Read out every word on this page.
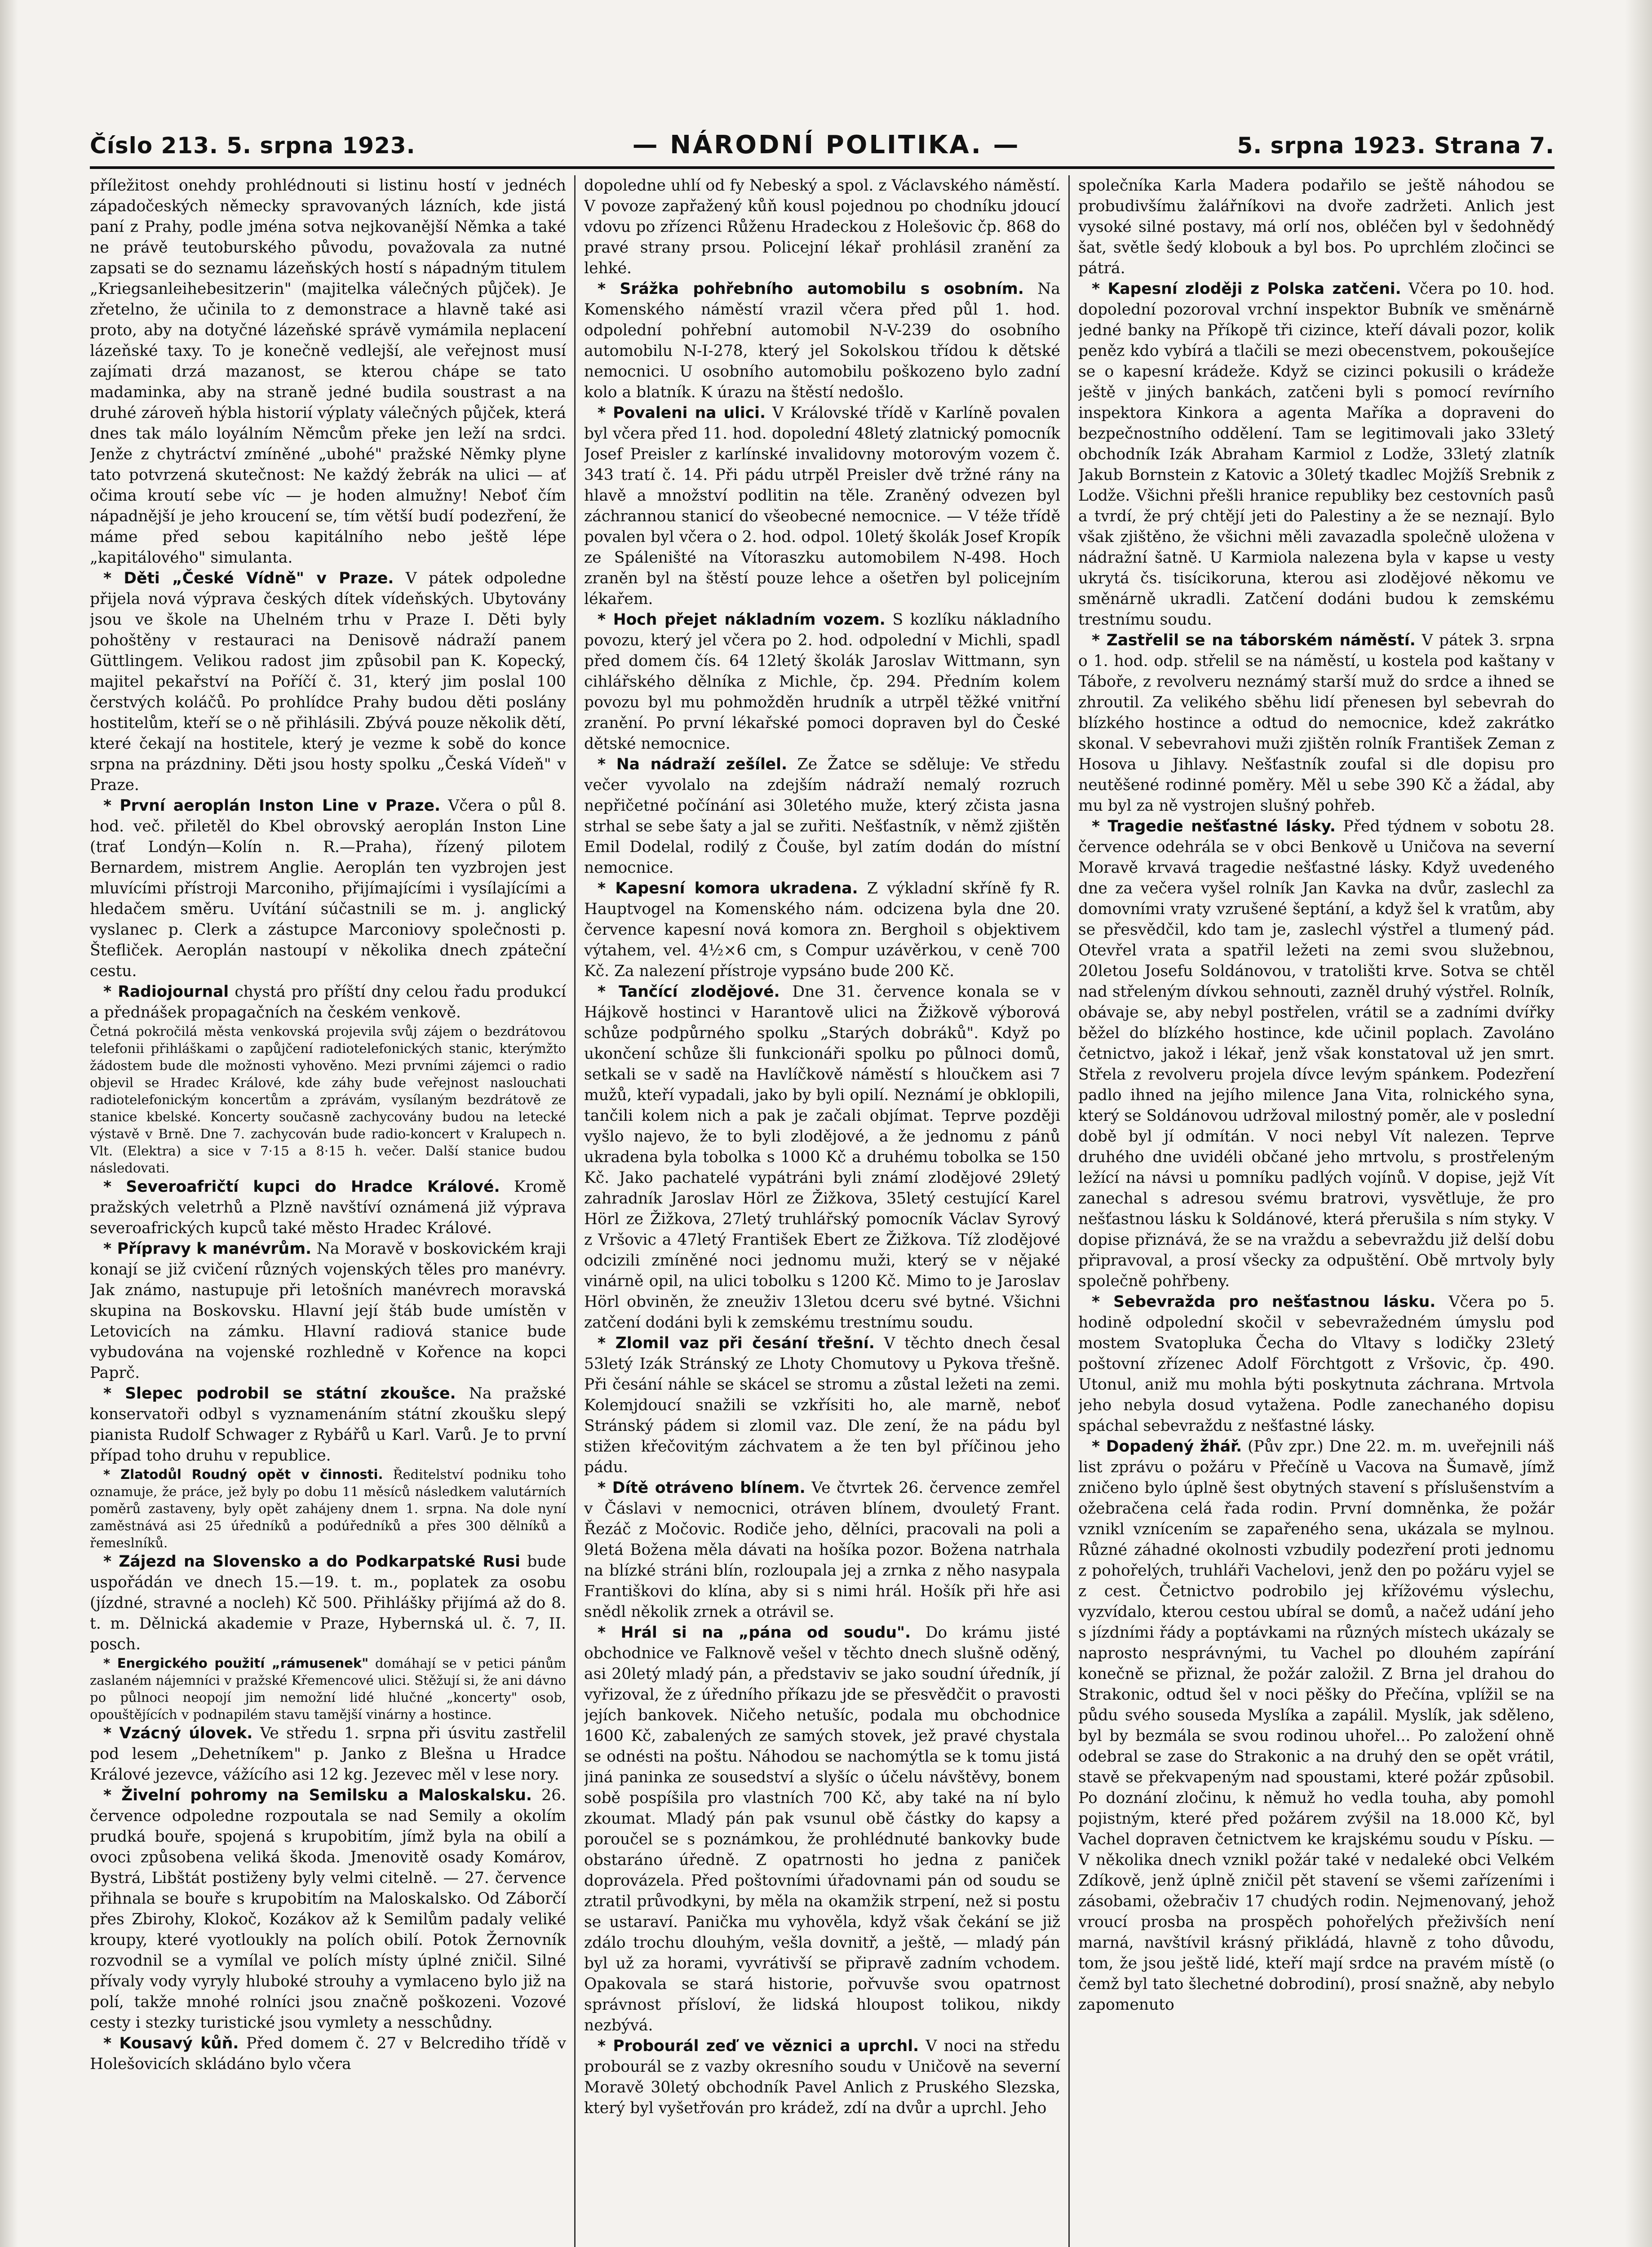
Číslo 213. 5. srpna 1923.	— NÁRODNÍ POLITIKA. —	5. srpna 1923. Strana 7.

příležitost onehdy prohlédnouti si listinu hostí v jednéch západočeských německy spravovaných lázních, kde jistá paní z Prahy, podle jména sotva nejkovanější Němka a také ne právě teutoburského původu, považovala za nutné zapsati se do seznamu lázeňských hostí s nápadným titulem „Kriegsanleihebesitzerin" (majitelka válečných půjček). Je zřetelno, že učinila to z demonstrace a hlavně také asi proto, aby na dotyčné lázeňské správě vymámila neplacení lázeňské taxy. To je konečně vedlejší, ale veřejnost musí zajímati drzá mazanost, se kterou chápe se tato madaminka, aby na straně jedné budila soustrast a na druhé zároveň hýbla historií výplaty válečných půjček, která dnes tak málo loyálním Němcům překe jen leží na srdci. Jenže z chytráctví zmíněné „ubohé" pražské Němky plyne tato potvrzená skutečnost: Ne každý žebrák na ulici — ať očima kroutí sebe víc — je hoden almužny! Neboť čím nápadnější je jeho kroucení se, tím větší budí podezření, že máme před sebou kapitálního nebo ještě lépe „kapitálového" simulanta.

* Děti „České Vídně" v Praze. V pátek odpoledne přijela nová výprava českých dítek vídeňských. Ubytovány jsou ve škole na Uhelném trhu v Praze I. Děti byly pohoštěny v restauraci na Denisově nádraží panem Güttlingem. Velikou radost jim způsobil pan K. Kopecký, majitel pekařství na Poříčí č. 31, který jim poslal 100 čerstvých koláčů. Po prohlídce Prahy budou děti poslány hostitelům, kteří se o ně přihlásili. Zbývá pouze několik dětí, které čekají na hostitele, který je vezme k sobě do konce srpna na prázdniny. Děti jsou hosty spolku „Česká Vídeň" v Praze.

* První aeroplán Inston Line v Praze. Včera o půl 8. hod. več. přiletěl do Kbel obrovský aeroplán Inston Line (trať Londýn—Kolín n. R.—Praha), řízený pilotem Bernardem, mistrem Anglie. Aeroplán ten vyzbrojen jest mluvícími přístroji Marconiho, přijímajícími i vysílajícími a hledačem směru. Uvítání súčastnili se m. j. anglický vyslanec p. Clerk a zástupce Marconiovy společnosti p. Štefliček. Aeroplán nastoupí v několika dnech zpáteční cestu.

* Radiojournal chystá pro příští dny celou řadu produkcí a přednášek propagačních na českém venkově.

Četná pokročilá města venkovská projevila svůj zájem o bezdrátovou telefonii přihláškami o zapůjčení radiotelefonických stanic, kterýmžto žádostem bude dle možnosti vyhověno. Mezi prvními zájemci o radio objevil se Hradec Králové, kde záhy bude veřejnost naslouchati radiotelefonickým koncertům a zprávám, vysílaným bezdrátově ze stanice kbelské. Koncerty současně zachycovány budou na letecké výstavě v Brně. Dne 7. zachycován bude radio-koncert v Kralupech n. Vlt. (Elektra) a sice v 7·15 a 8·15 h. večer. Další stanice budou následovati.

* Severoafričtí kupci do Hradce Králové. Kromě pražských veletrhů a Plzně navštíví oznámená již výprava severoafrických kupců také město Hradec Králové.

* Přípravy k manévrům. Na Moravě v boskovickém kraji konají se již cvičení různých vojenských těles pro manévry. Jak známo, nastupuje při letošních manévrech moravská skupina na Boskovsku. Hlavní její štáb bude umístěn v Letovicích na zámku. Hlavní radiová stanice bude vybudována na vojenské rozhledně v Kořence na kopci Paprč.

* Slepec podrobil se státní zkoušce. Na pražské konservatoři odbyl s vyznamenáním státní zkoušku slepý pianista Rudolf Schwager z Rybářů u Karl. Varů. Je to první případ toho druhu v republice.

* Zlatodůl Roudný opět v činnosti. Ředitelství podniku toho oznamuje, že práce, jež byly po dobu 11 měsíců následkem valutárních poměrů zastaveny, byly opět zahájeny dnem 1. srpna. Na dole nyní zaměstnává asi 25 úředníků a podúředníků a přes 300 dělníků a řemeslníků.

* Zájezd na Slovensko a do Podkarpatské Rusi bude uspořádán ve dnech 15.—19. t. m., poplatek za osobu (jízdné, stravné a nocleh) Kč 500. Přihlášky přijímá až do 8. t. m. Dělnická akademie v Praze, Hybernská ul. č. 7, II. posch.

* Energického použití „rámusenek" domáhají se v petici pánům zaslaném nájemníci v pražské Křemencové ulici. Stěžují si, že ani dávno po půlnoci neopojí jim nemožní lidé hlučné „koncerty" osob, opouštějících v podnapilém stavu tamější vinárny a hostince.

* Vzácný úlovek. Ve středu 1. srpna při úsvitu zastřelil pod lesem „Dehetníkem" p. Janko z Blešna u Hradce Králové jezevce, vážícího asi 12 kg. Jezevec měl v lese nory.

* Živelní pohromy na Semilsku a Maloskalsku. 26. července odpoledne rozpoutala se nad Semily a okolím prudká bouře, spojená s krupobitím, jímž byla na obilí a ovoci způsobena veliká škoda. Jmenovitě osady Komárov, Bystrá, Libštát postiženy byly velmi citelně. — 27. července přihnala se bouře s krupobitím na Maloskalsko. Od Záborčí přes Zbirohy, Klokoč, Kozákov až k Semilům padaly veliké kroupy, které vyotloukly na polích obilí. Potok Žernovník rozvodnil se a vymílal ve polích místy úplné zničil. Silné přívaly vody vyryly hluboké strouhy a vymlaceno bylo již na polí, takže mnohé rolníci jsou značně poškozeni. Vozové cesty i stezky turistické jsou vymlety a nesschůdny.

* Kousavý kůň. Před domem č. 27 v Belcrediho třídě v Holešovicích skládáno bylo včera

dopoledne uhlí od fy Nebeský a spol. z Václavského náměstí. V povoze zapřažený kůň kousl pojednou po chodníku jdoucí vdovu po zřízenci Růženu Hradeckou z Holešovic čp. 868 do pravé strany prsou. Policejní lékař prohlásil zranění za lehké.

* Srážka pohřebního automobilu s osobním. Na Komenského náměstí vrazil včera před půl 1. hod. odpolední pohřební automobil N-V-239 do osobního automobilu N-I-278, který jel Sokolskou třídou k dětské nemocnici. U osobního automobilu poškozeno bylo zadní kolo a blatník. K úrazu na štěstí nedošlo.

* Povaleni na ulici. V Královské třídě v Karlíně povalen byl včera před 11. hod. dopolední 48letý zlatnický pomocník Josef Preisler z karlínské invalidovny motorovým vozem č. 343 tratí č. 14. Při pádu utrpěl Preisler dvě tržné rány na hlavě a množství podlitin na těle. Zraněný odvezen byl záchrannou stanicí do všeobecné nemocnice. — V téže třídě povalen byl včera o 2. hod. odpol. 10letý školák Josef Kropík ze Spáleništé na Vítoraszku automobilem N-498. Hoch zraněn byl na štěstí pouze lehce a ošetřen byl policejním lékařem.

* Hoch přejet nákladním vozem. S kozlíku nákladního povozu, který jel včera po 2. hod. odpolední v Michli, spadl před domem čís. 64 12letý školák Jaroslav Wittmann, syn cihlářského dělníka z Michle, čp. 294. Předním kolem povozu byl mu pohmožděn hrudník a utrpěl těžké vnitřní zranění. Po první lékařské pomoci dopraven byl do České dětské nemocnice.

* Na nádraží zešílel. Ze Žatce se sděluje: Ve středu večer vyvolalo na zdejším nádraží nemalý rozruch nepřičetné počínání asi 30letého muže, který zčista jasna strhal se sebe šaty a jal se zuřiti. Nešťastník, v němž zjištěn Emil Dodelal, rodilý z Čouše, byl zatím dodán do místní nemocnice.

* Kapesní komora ukradena. Z výkladní skříně fy R. Hauptvogel na Komenského nám. odcizena byla dne 20. července kapesní nová komora zn. Berghoil s objektivem výtahem, vel. 4½×6 cm, s Compur uzávěrkou, v ceně 700 Kč. Za nalezení přístroje vypsáno bude 200 Kč.

* Tančící zlodějové. Dne 31. července konala se v Hájkově hostinci v Harantově ulici na Žižkově výborová schůze podpůrného spolku „Starých dobráků". Když po ukončení schůze šli funkcionáři spolku po půlnoci domů, setkali se v sadě na Havlíčkově náměstí s hloučkem asi 7 mužů, kteří vypadali, jako by byli opilí. Neznámí je obklopili, tančili kolem nich a pak je začali objímat. Teprve později vyšlo najevo, že to byli zlodějové, a že jednomu z pánů ukradena byla tobolka s 1000 Kč a druhému tobolka se 150 Kč. Jako pachatelé vypátráni byli známí zlodějové 29letý zahradník Jaroslav Hörl ze Žižkova, 35letý cestující Karel Hörl ze Žižkova, 27letý truhlářský pomocník Václav Syrový z Vršovic a 47letý František Ebert ze Žižkova. Tíž zlodějové odcizili zmíněné noci jednomu muži, který se v nějaké vinárně opil, na ulici tobolku s 1200 Kč. Mimo to je Jaroslav Hörl obviněn, že zneuživ 13letou dceru své bytné. Všichni zatčení dodáni byli k zemskému trestnímu soudu.

* Zlomil vaz při česání třešní. V těchto dnech česal 53letý Izák Stránský ze Lhoty Chomutovy u Pykova třešně. Při česání náhle se skácel se stromu a zůstal ležeti na zemi. Kolemjdoucí snažili se vzkřísiti ho, ale marně, neboť Stránský pádem si zlomil vaz. Dle zení, že na pádu byl stižen křečovitým záchvatem a že ten byl příčinou jeho pádu.

* Dítě otráveno blínem. Ve čtvrtek 26. července zemřel v Čáslavi v nemocnici, otráven blínem, dvouletý Frant. Řezáč z Močovic. Rodiče jeho, dělníci, pracovali na poli a 9letá Božena měla dávati na hošíka pozor. Božena natrhala na blízké stráni blín, rozloupala jej a zrnka z něho nasypala Františkovi do klína, aby si s nimi hrál. Hošík při hře asi snědl několik zrnek a otrávil se.

* Hrál si na „pána od soudu". Do krámu jisté obchodnice ve Falknově vešel v těchto dnech slušně oděný, asi 20letý mladý pán, a představiv se jako soudní úředník, jí vyřizoval, že z úředního příkazu jde se přesvědčit o pravosti jejích bankovek. Ničeho netušíc, podala mu obchodnice 1600 Kč, zabalených ze samých stovek, jež pravé chystala se odnésti na poštu. Náhodou se nachomýtla se k tomu jistá jiná paninka ze sousedství a slyšíc o účelu návštěvy, bonem sobě pospíšila pro vlastních 700 Kč, aby také na ní bylo zkoumat. Mladý pán pak vsunul obě částky do kapsy a poroučel se s poznámkou, že prohlédnuté bankovky bude obstaráno úředně. Z opatrnosti ho jedna z paniček doprovázela. Před poštovními úřadovnami pán od soudu se ztratil průvodkyni, by měla na okamžik strpení, než si postu se ustaraví. Panička mu vyhověla, když však čekání se již zdálo trochu dlouhým, vešla dovnitř, a ještě, — mladý pán byl už za horami, vyvrátivší se připravě zadním vchodem. Opakovala se stará historie, pořvuvše svou opatrnost správnost přísloví, že lidská hloupost tolikou, nikdy nezbývá.

* Probourál zeď ve věznici a uprchl. V noci na středu probourál se z vazby okresního soudu v Uničově na severní Moravě 30letý obchodník Pavel Anlich z Pruského Slezska, který byl vyšetřován pro krádež, zdí na dvůr a uprchl. Jeho

společníka Karla Madera podařilo se ještě náhodou se probudivšímu žalářníkovi na dvoře zadržeti. Anlich jest vysoké silné postavy, má orlí nos, obléčen byl v šedohnědý šat, světle šedý klobouk a byl bos. Po uprchlém zločinci se pátrá.

* Kapesní zloději z Polska zatčeni. Včera po 10. hod. dopolední pozoroval vrchní inspektor Bubník ve směnárně jedné banky na Příkopě tři cizince, kteří dávali pozor, kolik peněz kdo vybírá a tlačili se mezi obecenstvem, pokoušejíce se o kapesní krádeže. Když se cizinci pokusili o krádeže ještě v jiných bankách, zatčeni byli s pomocí revírního inspektora Kinkora a agenta Maříka a dopraveni do bezpečnostního oddělení. Tam se legitimovali jako 33letý obchodník Izák Abraham Karmiol z Lodže, 33letý zlatník Jakub Bornstein z Katovic a 30letý tkadlec Mojžíš Srebnik z Lodže. Všichni přešli hranice republiky bez cestovních pasů a tvrdí, že prý chtějí jeti do Palestiny a že se neznají. Bylo však zjištěno, že všichni měli zavazadla společně uložena v nádražní šatně. U Karmiola nalezena byla v kapse u vesty ukrytá čs. tisícikoruna, kterou asi zlodějové někomu ve směnárně ukradli. Zatčení dodáni budou k zemskému trestnímu soudu.

* Zastřelil se na táborském náměstí. V pátek 3. srpna o 1. hod. odp. střelil se na náměstí, u kostela pod kaštany v Táboře, z revolveru neznámý starší muž do srdce a ihned se zhroutil. Za velikého sběhu lidí přenesen byl sebevrah do blízkého hostince a odtud do nemocnice, kdež zakrátko skonal. V sebevrahovi muži zjištěn rolník František Zeman z Hosova u Jihlavy. Nešťastník zoufal si dle dopisu pro neutěšené rodinné poměry. Měl u sebe 390 Kč a žádal, aby mu byl za ně vystrojen slušný pohřeb.

* Tragedie nešťastné lásky. Před týdnem v sobotu 28. července odehrála se v obci Benkově u Uničova na severní Moravě krvavá tragedie nešťastné lásky. Když uvedeného dne za večera vyšel rolník Jan Kavka na dvůr, zaslechl za domovními vraty vzrušené šeptání, a když šel k vratům, aby se přesvědčil, kdo tam je, zaslechl výstřel a tlumený pád. Otevřel vrata a spatřil ležeti na zemi svou služebnou, 20letou Josefu Soldánovou, v tratolišti krve. Sotva se chtěl nad střeleným dívkou sehnouti, zazněl druhý výstřel. Rolník, obávaje se, aby nebyl postřelen, vrátil se a zadními dvířky běžel do blízkého hostince, kde učinil poplach. Zavoláno četnictvo, jakož i lékař, jenž však konstatoval už jen smrt. Střela z revolveru projela dívce levým spánkem. Podezření padlo ihned na jejího milence Jana Vita, rolnického syna, který se Soldánovou udržoval milostný poměr, ale v poslední době byl jí odmítán. V noci nebyl Vít nalezen. Teprve druhého dne uvidéli občané jeho mrtvolu, s prostřeleným ležící na návsi u pomníku padlých vojínů. V dopise, jejž Vít zanechal s adresou svému bratrovi, vysvětluje, že pro nešťastnou lásku k Soldánové, která přerušila s ním styky. V dopise přiznává, že se na vraždu a sebevraždu již delší dobu připravoval, a prosí všecky za odpuštění. Obě mrtvoly byly společně pohřbeny.

* Sebevražda pro nešťastnou lásku. Včera po 5. hodině odpolední skočil v sebevražedném úmyslu pod mostem Svatopluka Čecha do Vltavy s lodičky 23letý poštovní zřízenec Adolf Förchtgott z Vršovic, čp. 490. Utonul, aniž mu mohla býti poskytnuta záchrana. Mrtvola jeho nebyla dosud vytažena. Podle zanechaného dopisu spáchal sebevraždu z nešťastné lásky.

* Dopadený žhář. (Pův zpr.) Dne 22. m. m. uveřejnili náš list zprávu o požáru v Přečíně u Vacova na Šumavě, jímž zničeno bylo úplně šest obytných stavení s příslušenstvím a ožebračena celá řada rodin. První domněnka, že požár vznikl vznícením se zapařeného sena, ukázala se mylnou. Různé záhadné okolnosti vzbudily podezření proti jednomu z pohořelých, truhláři Vachelovi, jenž den po požáru vyjel se z cest. Četnictvo podrobilo jej křížovému výslechu, vyzvídalo, kterou cestou ubíral se domů, a načež udání jeho s jízdními řády a poptávkami na různých místech ukázaly se naprosto nesprávnými, tu Vachel po dlouhém zapírání konečně se přiznal, že požár založil. Z Brna jel drahou do Strakonic, odtud šel v noci pěšky do Přečína, vplížil se na půdu svého souseda Myslíka a zapálil. Myslík, jak sděleno, byl by bezmála se svou rodinou uhořel... Po založení ohně odebral se zase do Strakonic a na druhý den se opět vrátil, stavě se překvapeným nad spoustami, které požár způsobil. Po doznání zločinu, k němuž ho vedla touha, aby pomohl pojistným, které před požárem zvýšil na 18.000 Kč, byl Vachel dopraven četnictvem ke krajskému soudu v Písku. — V několika dnech vznikl požár také v nedaleké obci Velkém Zdíkově, jenž úplně zničil pět stavení se všemi zařízeními i zásobami, ožebračiv 17 chudých rodin. Nejmenovaný, jehož vroucí prosba na prospěch pohořelých přeživších není marná, navštívil krásný přikládá, hlavně z toho důvodu, tom, že jsou ještě lidé, kteří mají srdce na pravém místě (o čemž byl tato šlechetné dobrodiní), prosí snažně, aby nebylo zapomenuto
